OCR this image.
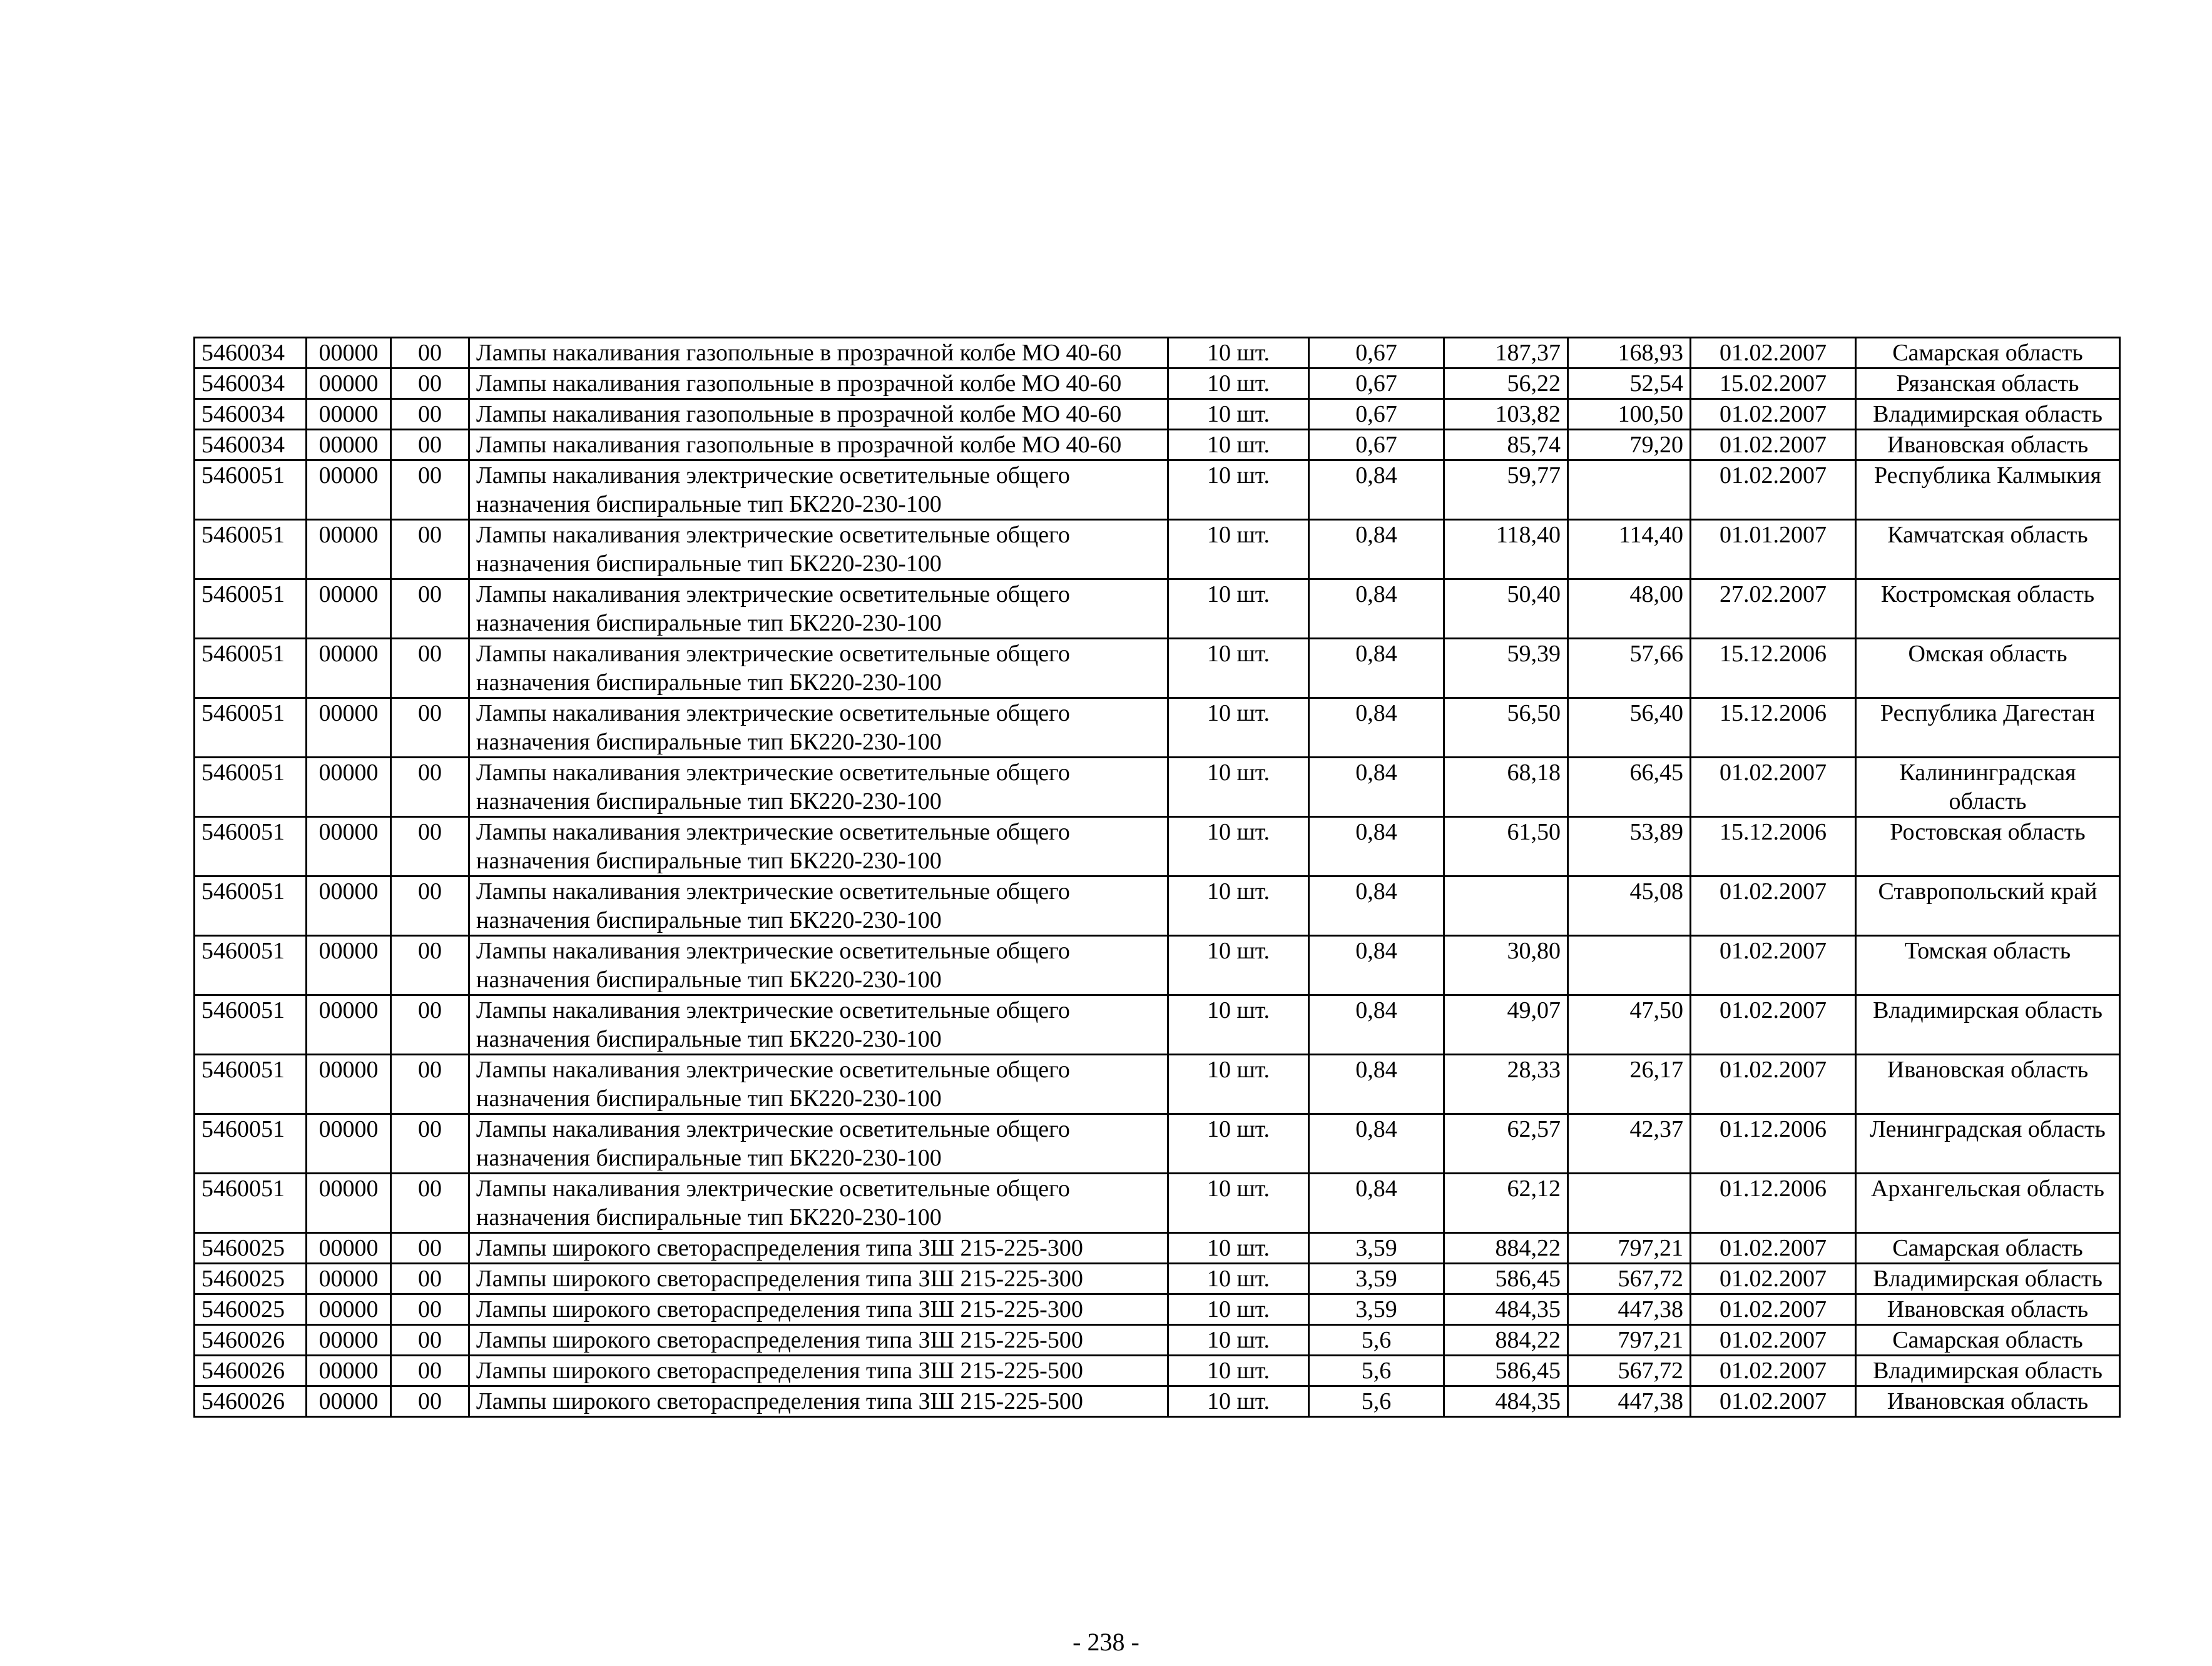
5460034	00000	00	Лампы накаливания газопольные в прозрачной колбе МО 40-60	10 шт.	0,67	187,37	168,93	01.02.2007	Самарская область
5460034	00000	00	Лампы накаливания газопольные в прозрачной колбе МО 40-60	10 шт.	0,67	56,22	52,54	15.02.2007	Рязанская область
5460034	00000	00	Лампы накаливания газопольные в прозрачной колбе МО 40-60	10 шт.	0,67	103,82	100,50	01.02.2007	Владимирская область
5460034	00000	00	Лампы накаливания газопольные в прозрачной колбе МО 40-60	10 шт.	0,67	85,74	79,20	01.02.2007	Ивановская область
5460051	00000	00	Лампы накаливания электрические осветительные общего назначения биспиральные тип БК220-230-100	10 шт.	0,84	59,77		01.02.2007	Республика Калмыкия
5460051	00000	00	Лампы накаливания электрические осветительные общего назначения биспиральные тип БК220-230-100	10 шт.	0,84	118,40	114,40	01.01.2007	Камчатская область
5460051	00000	00	Лампы накаливания электрические осветительные общего назначения биспиральные тип БК220-230-100	10 шт.	0,84	50,40	48,00	27.02.2007	Костромская область
5460051	00000	00	Лампы накаливания электрические осветительные общего назначения биспиральные тип БК220-230-100	10 шт.	0,84	59,39	57,66	15.12.2006	Омская область
5460051	00000	00	Лампы накаливания электрические осветительные общего назначения биспиральные тип БК220-230-100	10 шт.	0,84	56,50	56,40	15.12.2006	Республика Дагестан
5460051	00000	00	Лампы накаливания электрические осветительные общего назначения биспиральные тип БК220-230-100	10 шт.	0,84	68,18	66,45	01.02.2007	Калининградская область
5460051	00000	00	Лампы накаливания электрические осветительные общего назначения биспиральные тип БК220-230-100	10 шт.	0,84	61,50	53,89	15.12.2006	Ростовская область
5460051	00000	00	Лампы накаливания электрические осветительные общего назначения биспиральные тип БК220-230-100	10 шт.	0,84		45,08	01.02.2007	Ставропольский край
5460051	00000	00	Лампы накаливания электрические осветительные общего назначения биспиральные тип БК220-230-100	10 шт.	0,84	30,80		01.02.2007	Томская область
5460051	00000	00	Лампы накаливания электрические осветительные общего назначения биспиральные тип БК220-230-100	10 шт.	0,84	49,07	47,50	01.02.2007	Владимирская область
5460051	00000	00	Лампы накаливания электрические осветительные общего назначения биспиральные тип БК220-230-100	10 шт.	0,84	28,33	26,17	01.02.2007	Ивановская область
5460051	00000	00	Лампы накаливания электрические осветительные общего назначения биспиральные тип БК220-230-100	10 шт.	0,84	62,57	42,37	01.12.2006	Ленинградская область
5460051	00000	00	Лампы накаливания электрические осветительные общего назначения биспиральные тип БК220-230-100	10 шт.	0,84	62,12		01.12.2006	Архангельская область
5460025	00000	00	Лампы широкого светораспределения типа ЗШ 215-225-300	10 шт.	3,59	884,22	797,21	01.02.2007	Самарская область
5460025	00000	00	Лампы широкого светораспределения типа ЗШ 215-225-300	10 шт.	3,59	586,45	567,72	01.02.2007	Владимирская область
5460025	00000	00	Лампы широкого светораспределения типа ЗШ 215-225-300	10 шт.	3,59	484,35	447,38	01.02.2007	Ивановская область
5460026	00000	00	Лампы широкого светораспределения типа ЗШ 215-225-500	10 шт.	5,6	884,22	797,21	01.02.2007	Самарская область
5460026	00000	00	Лампы широкого светораспределения типа ЗШ 215-225-500	10 шт.	5,6	586,45	567,72	01.02.2007	Владимирская область
5460026	00000	00	Лампы широкого светораспределения типа ЗШ 215-225-500	10 шт.	5,6	484,35	447,38	01.02.2007	Ивановская область
- 238 -
